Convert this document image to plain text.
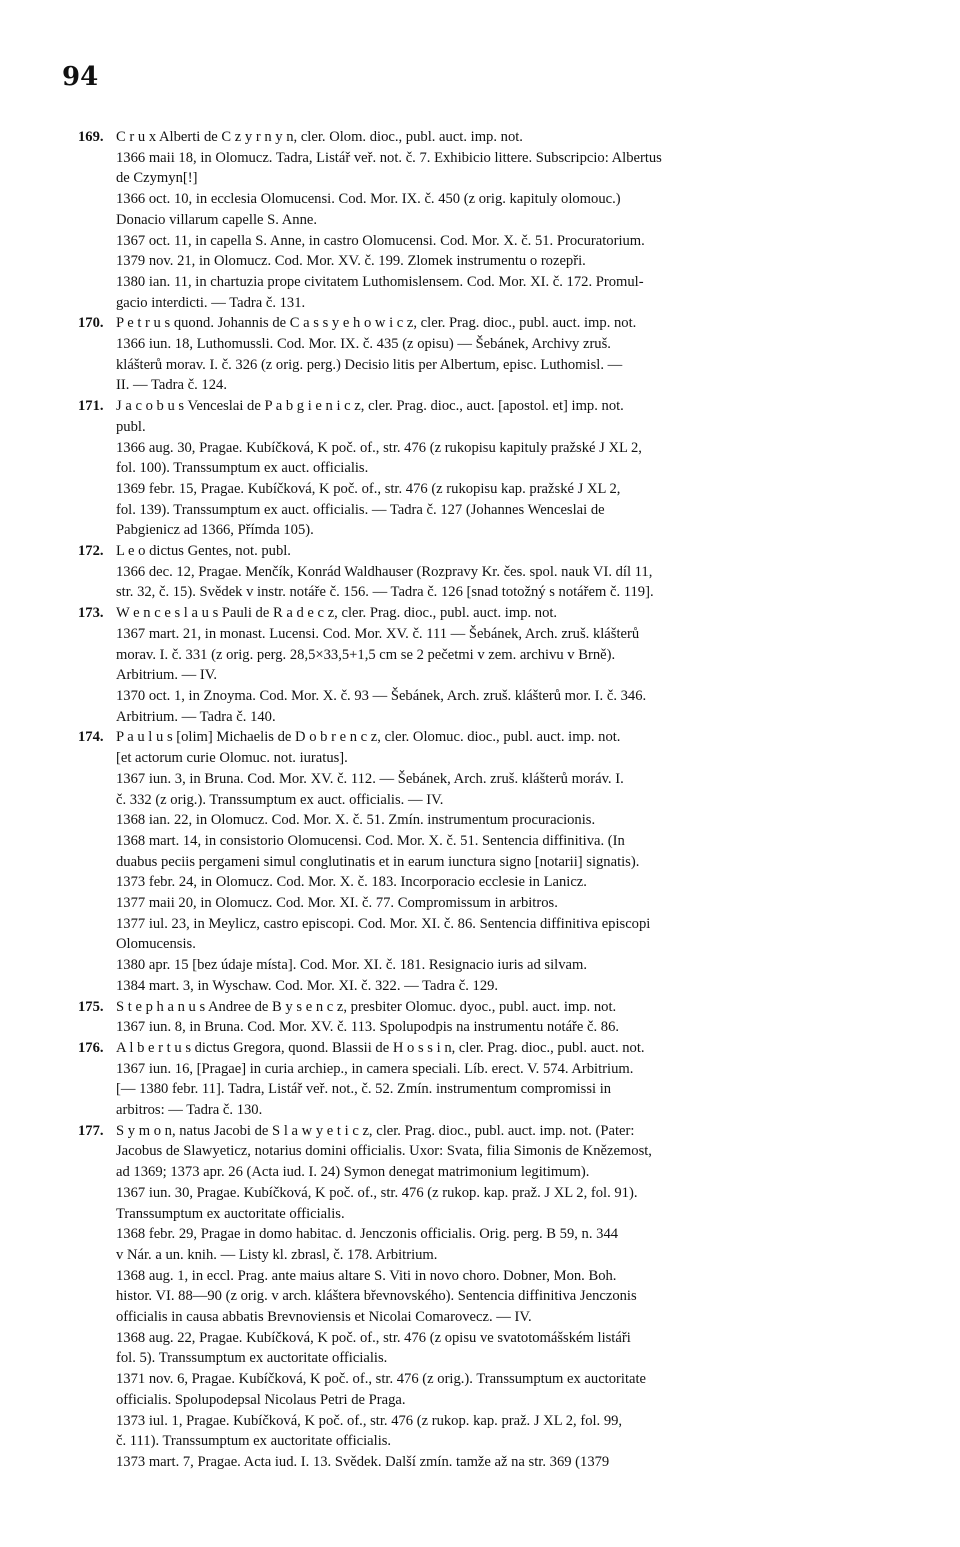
94
169. C r u x Alberti de C z y r n y n, cler. Olom. dioc., publ. auct. imp. not.
1366 maii 18, in Olomucz. Tadra, Listář veř. not. č. 7. Exhibicio littere. Subscripcio: Albertus
de Czymyn[!]
1366 oct. 10, in ecclesia Olomucensi. Cod. Mor. IX. č. 450 (z orig. kapituly olomouc.)
Donacio villarum capelle S. Anne.
1367 oct. 11, in capella S. Anne, in castro Olomucensi. Cod. Mor. X. č. 51. Procuratorium.
1379 nov. 21, in Olomucz. Cod. Mor. XV. č. 199. Zlomek instrumentu o rozepři.
1380 ian. 11, in chartuzia prope civitatem Luthomislensem. Cod. Mor. XI. č. 172. Promul-
gacio interdicti. — Tadra č. 131.
170. P e t r u s quond. Johannis de C a s s y e h o w i c z, cler. Prag. dioc., publ. auct. imp. not.
1366 iun. 18, Luthomussli. Cod. Mor. IX. č. 435 (z opisu) — Šebánek, Archivy zruš.
klášterů morav. I. č. 326 (z orig. perg.) Decisio litis per Albertum, episc. Luthomisl. —
II. — Tadra č. 124.
171. J a c o b u s Venceslai de P a b g i e n i c z, cler. Prag. dioc., auct. [apostol. et] imp. not.
publ.
1366 aug. 30, Pragae. Kubíčková, K poč. of., str. 476 (z rukopisu kapituly pražské J XL 2,
fol. 100). Transsumptum ex auct. officialis.
1369 febr. 15, Pragae. Kubíčková, K poč. of., str. 476 (z rukopisu kap. pražské J XL 2,
fol. 139). Transsumptum ex auct. officialis. — Tadra č. 127 (Johannes Wenceslai de
Pabgienicz ad 1366, Přímda 105).
172. L e o dictus Gentes, not. publ.
1366 dec. 12, Pragae. Menčík, Konrád Waldhauser (Rozpravy Kr. čes. spol. nauk VI. díl 11,
str. 32, č. 15). Svědek v instr. notáře č. 156. — Tadra č. 126 [snad totožný s notářem č. 119].
173. W e n c e s l a u s Pauli de R a d e c z, cler. Prag. dioc., publ. auct. imp. not.
1367 mart. 21, in monast. Lucensi. Cod. Mor. XV. č. 111 — Šebánek, Arch. zruš. klášterů
morav. I. č. 331 (z orig. perg. 28,5×33,5+1,5 cm se 2 pečetmi v zem. archivu v Brně).
Arbitrium. — IV.
1370 oct. 1, in Znoyma. Cod. Mor. X. č. 93 — Šebánek, Arch. zruš. klášterů mor. I. č. 346.
Arbitrium. — Tadra č. 140.
174. P a u l u s [olim] Michaelis de D o b r e n c z, cler. Olomuc. dioc., publ. auct. imp. not.
[et actorum curie Olomuc. not. iuratus].
1367 iun. 3, in Bruna. Cod. Mor. XV. č. 112. — Šebánek, Arch. zruš. klášterů moráv. I.
č. 332 (z orig.). Transsumptum ex auct. officialis. — IV.
1368 ian. 22, in Olomucz. Cod. Mor. X. č. 51. Zmín. instrumentum procuracionis.
1368 mart. 14, in consistorio Olomucensi. Cod. Mor. X. č. 51. Sentencia diffinitiva. (In
duabus peciis pergameni simul conglutinatis et in earum iunctura signo [notarii] signatis).
1373 febr. 24, in Olomucz. Cod. Mor. X. č. 183. Incorporacio ecclesie in Lanicz.
1377 maii 20, in Olomucz. Cod. Mor. XI. č. 77. Compromissum in arbitros.
1377 iul. 23, in Meylicz, castro episcopi. Cod. Mor. XI. č. 86. Sentencia diffinitiva episcopi
Olomucensis.
1380 apr. 15 [bez údaje místa]. Cod. Mor. XI. č. 181. Resignacio iuris ad silvam.
1384 mart. 3, in Wyschaw. Cod. Mor. XI. č. 322. — Tadra č. 129.
175. S t e p h a n u s Andree de B y s e n c z, presbiter Olomuc. dyoc., publ. auct. imp. not.
1367 iun. 8, in Bruna. Cod. Mor. XV. č. 113. Spolupodpis na instrumentu notáře č. 86.
176. A l b e r t u s dictus Gregora, quond. Blassii de H o s s i n, cler. Prag. dioc., publ. auct. not.
1367 iun. 16, [Pragae] in curia archiep., in camera speciali. Líb. erect. V. 574. Arbitrium.
[— 1380 febr. 11]. Tadra, Listář veř. not., č. 52. Zmín. instrumentum compromissi in
arbitros: — Tadra č. 130.
177. S y m o n, natus Jacobi de S l a w y e t i c z, cler. Prag. dioc., publ. auct. imp. not. (Pater:
Jacobus de Slawyeticz, notarius domini officialis. Uxor: Svata, filia Simonis de Knězemost,
ad 1369; 1373 apr. 26 (Acta iud. I. 24) Symon denegat matrimonium legitimum).
1367 iun. 30, Pragae. Kubíčková, K poč. of., str. 476 (z rukop. kap. praž. J XL 2, fol. 91).
Transsumptum ex auctoritate officialis.
1368 febr. 29, Pragae in domo habitac. d. Jenczonis officialis. Orig. perg. B 59, n. 344
v Nár. a un. knih. — Listy kl. zbrasl, č. 178. Arbitrium.
1368 aug. 1, in eccl. Prag. ante maius altare S. Viti in novo choro. Dobner, Mon. Boh.
histor. VI. 88—90 (z orig. v arch. kláštera břevnovského). Sentencia diffinitiva Jenczonis
officialis in causa abbatis Brevnoviensis et Nicolai Comarovecz. — IV.
1368 aug. 22, Pragae. Kubíčková, K poč. of., str. 476 (z opisu ve svatotomášském listáři
fol. 5). Transsumptum ex auctoritate officialis.
1371 nov. 6, Pragae. Kubíčková, K poč. of., str. 476 (z orig.). Transsumptum ex auctoritate
officialis. Spolupodepsal Nicolaus Petri de Praga.
1373 iul. 1, Pragae. Kubíčková, K poč. of., str. 476 (z rukop. kap. praž. J XL 2, fol. 99,
č. 111). Transsumptum ex auctoritate officialis.
1373 mart. 7, Pragae. Acta iud. I. 13. Svědek. Další zmín. tamže až na str. 369 (1379
